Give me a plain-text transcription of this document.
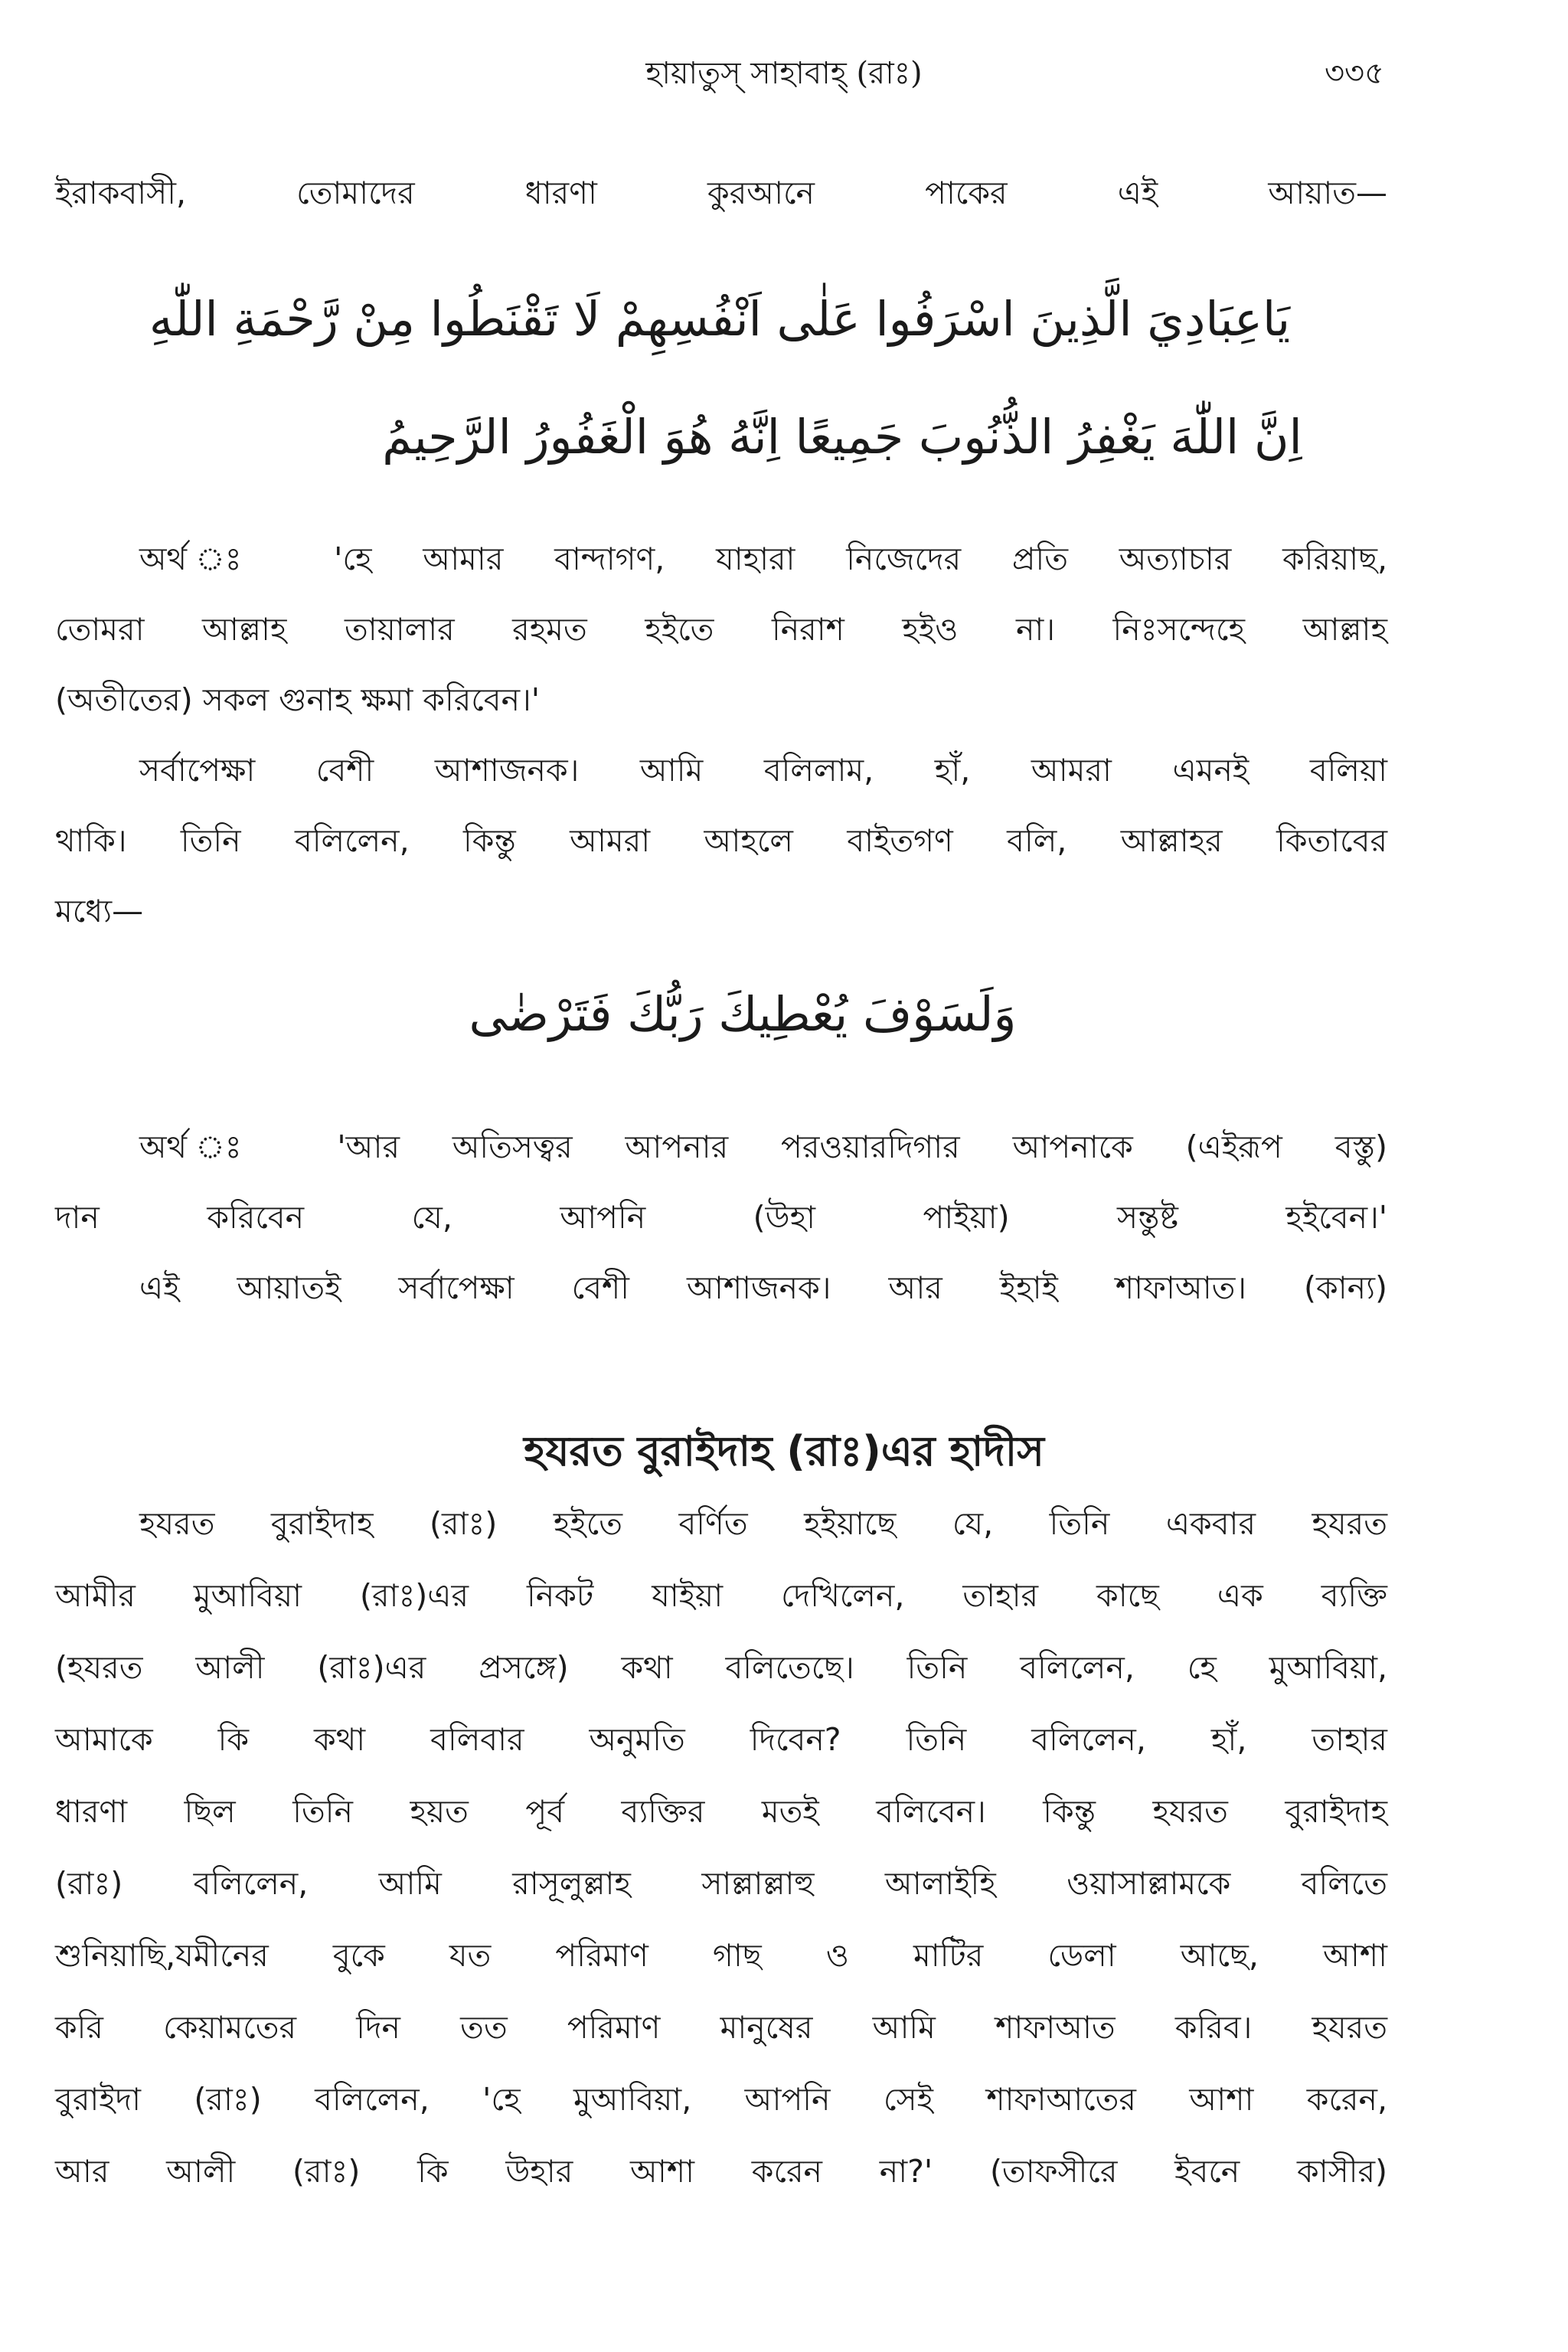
হায়াতুস্ সাহাবাহ্ (রাঃ)	৩৩৫
ইরাকবাসী, তোমাদের ধারণা কুরআনে পাকের এই আয়াত—
يَاعِبَادِيَ الَّذِينَ اسْرَفُوا عَلٰى اَنْفُسِهِمْ لَا تَقْنَطُوا مِنْ رَّحْمَةِ اللّٰهِ
اِنَّ اللّٰهَ يَغْفِرُ الذُّنُوبَ جَمِيعًا اِنَّهُ هُوَ الْغَفُورُ الرَّحِيمُ
অর্থ ঃ 'হে আমার বান্দাগণ, যাহারা নিজেদের প্রতি অত্যাচার করিয়াছ,
তোমরা আল্লাহ তায়ালার রহমত হইতে নিরাশ হইও না। নিঃসন্দেহে আল্লাহ
(অতীতের) সকল গুনাহ ক্ষমা করিবেন।'
সর্বাপেক্ষা বেশী আশাজনক। আমি বলিলাম, হাঁ, আমরা এমনই বলিয়া
থাকি। তিনি বলিলেন, কিন্তু আমরা আহলে বাইতগণ বলি, আল্লাহর কিতাবের
মধ্যে—
وَلَسَوْفَ يُعْطِيكَ رَبُّكَ فَتَرْضٰى
অর্থ ঃ 'আর অতিসত্বর আপনার পরওয়ারদিগার আপনাকে (এইরূপ বস্তু)
দান করিবেন যে, আপনি (উহা পাইয়া) সন্তুষ্ট হইবেন।'
এই আয়াতই সর্বাপেক্ষা বেশী আশাজনক। আর ইহাই শাফাআত। (কান্য)
হযরত বুরাইদাহ (রাঃ)এর হাদীস
হযরত বুরাইদাহ (রাঃ) হইতে বর্ণিত হইয়াছে যে, তিনি একবার হযরত
আমীর মুআবিয়া (রাঃ)এর নিকট যাইয়া দেখিলেন, তাহার কাছে এক ব্যক্তি
(হযরত আলী (রাঃ)এর প্রসঙ্গে) কথা বলিতেছে। তিনি বলিলেন, হে মুআবিয়া,
আমাকে কি কথা বলিবার অনুমতি দিবেন? তিনি বলিলেন, হাঁ, তাহার
ধারণা ছিল তিনি হয়ত পূর্ব ব্যক্তির মতই বলিবেন। কিন্তু হযরত বুরাইদাহ
(রাঃ) বলিলেন, আমি রাসূলুল্লাহ সাল্লাল্লাহু আলাইহি ওয়াসাল্লামকে বলিতে
শুনিয়াছি,যমীনের বুকে যত পরিমাণ গাছ ও মাটির ডেলা আছে, আশা
করি কেয়ামতের দিন তত পরিমাণ মানুষের আমি শাফাআত করিব। হযরত
বুরাইদা (রাঃ) বলিলেন, 'হে মুআবিয়া, আপনি সেই শাফাআতের আশা করেন,
আর আলী (রাঃ) কি উহার আশা করেন না?' (তাফসীরে ইবনে কাসীর)
